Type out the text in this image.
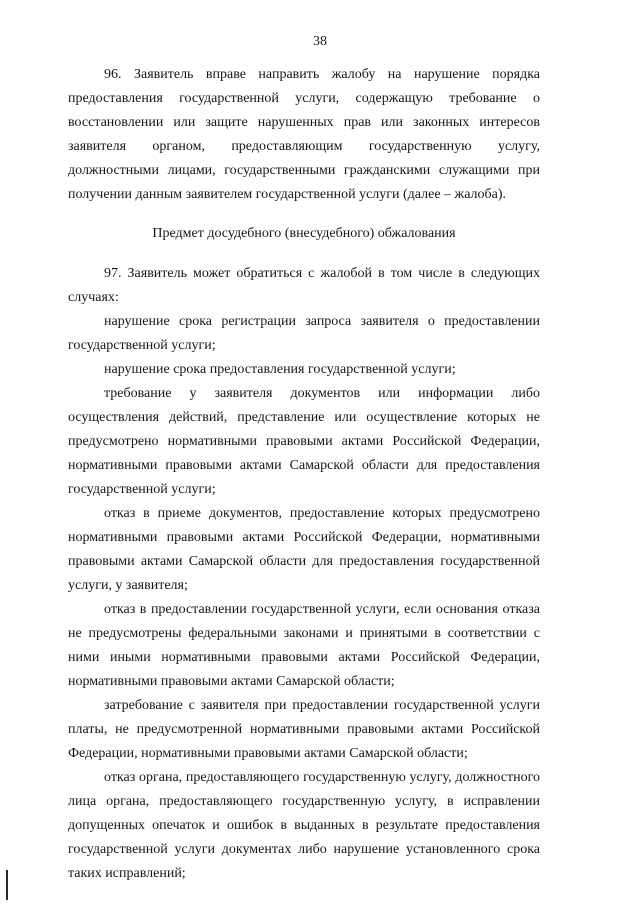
38

96. Заявитель вправе направить жалобу на нарушение порядка предоставления государственной услуги, содержащую требование о восстановлении или защите нарушенных прав или законных интересов заявителя органом, предоставляющим государственную услугу, должностными лицами, государственными гражданскими служащими при получении данным заявителем государственной услуги (далее – жалоба).

Предмет досудебного (внесудебного) обжалования

97. Заявитель может обратиться с жалобой в том числе в следующих случаях:

нарушение срока регистрации запроса заявителя о предоставлении государственной услуги;

нарушение срока предоставления государственной услуги;

требование у заявителя документов или информации либо осуществления действий, представление или осуществление которых не предусмотрено нормативными правовыми актами Российской Федерации, нормативными правовыми актами Самарской области для предоставления государственной услуги;

отказ в приеме документов, предоставление которых предусмотрено нормативными правовыми актами Российской Федерации, нормативными правовыми актами Самарской области для предоставления государственной услуги, у заявителя;

отказ в предоставлении государственной услуги, если основания отказа не предусмотрены федеральными законами и принятыми в соответствии с ними иными нормативными правовыми актами Российской Федерации, нормативными правовыми актами Самарской области;

затребование с заявителя при предоставлении государственной услуги платы, не предусмотренной нормативными правовыми актами Российской Федерации, нормативными правовыми актами Самарской области;

отказ органа, предоставляющего государственную услугу, должностного лица органа, предоставляющего государственную услугу, в исправлении допущенных опечаток и ошибок в выданных в результате предоставления государственной услуги документах либо нарушение установленного срока таких исправлений;
